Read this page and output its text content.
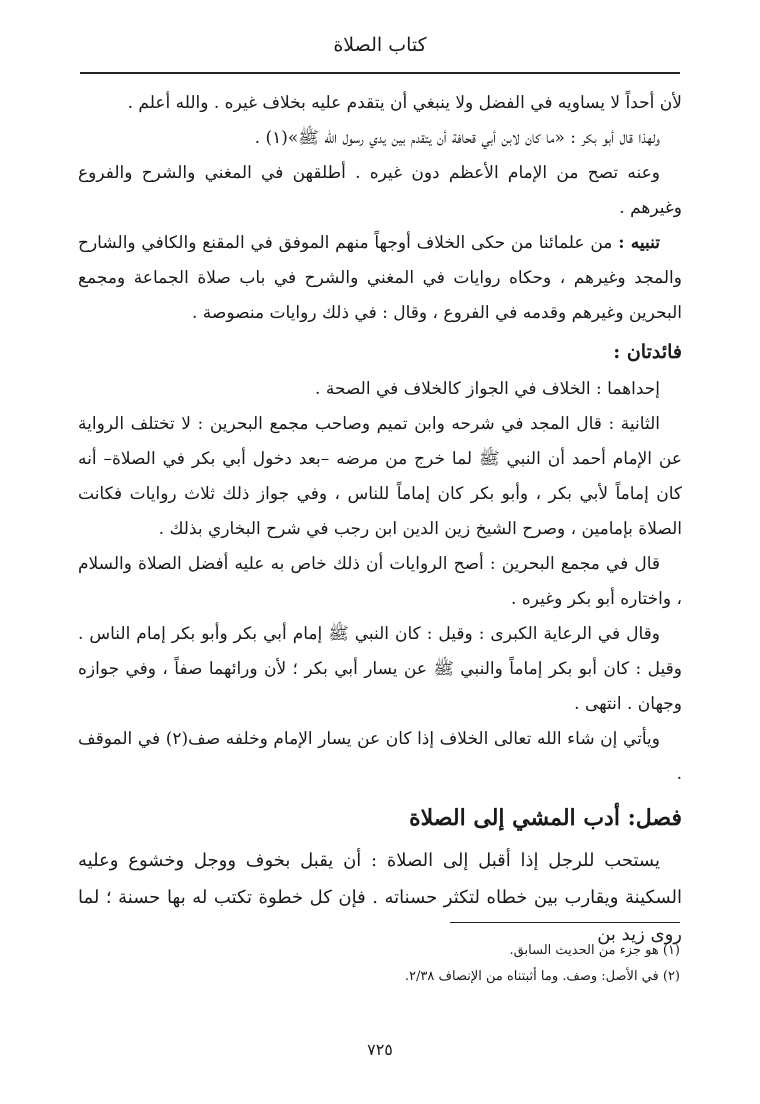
كتاب الصلاة

لأن أحداً لا يساويه في الفضل ولا ينبغي أن يتقدم عليه بخلاف غيره . والله أعلم .

ولهذا قال أبو بكر : «ما كان لابن أبي قحافة أن يتقدم بين يدي رسول الله ﷺ»(١) .

وعنه تصح من الإمام الأعظم دون غيره . أطلقهن في المغني والشرح والفروع وغيرهم .

تنبيه : من علمائنا من حكى الخلاف أوجهاً منهم الموفق في المقنع والكافي والشارح والمجد وغيرهم ، وحكاه روايات في المغني والشرح في باب صلاة الجماعة ومجمع البحرين وغيرهم وقدمه في الفروع ، وقال : في ذلك روايات منصوصة .

فائدتان :

إحداهما : الخلاف في الجواز كالخلاف في الصحة .

الثانية : قال المجد في شرحه وابن تميم وصاحب مجمع البحرين : لا تختلف الرواية عن الإمام أحمد أن النبي ﷺ لما خرج من مرضه –بعد دخول أبي بكر في الصلاة– أنه كان إماماً لأبي بكر ، وأبو بكر كان إماماً للناس ، وفي جواز ذلك ثلاث روايات فكانت الصلاة بإمامين ، وصرح الشيخ زين الدين ابن رجب في شرح البخاري بذلك .

قال في مجمع البحرين : أصح الروايات أن ذلك خاص به عليه أفضل الصلاة والسلام ، واختاره أبو بكر وغيره .

وقال في الرعاية الكبرى : وقيل : كان النبي ﷺ إمام أبي بكر وأبو بكر إمام الناس . وقيل : كان أبو بكر إماماً والنبي ﷺ عن يسار أبي بكر ؛ لأن ورائهما صفاً ، وفي جوازه وجهان . انتهى .

ويأتي إن شاء الله تعالى الخلاف إذا كان عن يسار الإمام وخلفه صف(٢) في الموقف .

فصل: أدب المشي إلى الصلاة

يستحب للرجل إذا أقبل إلى الصلاة : أن يقبل بخوف ووجل وخشوع وعليه السكينة ويقارب بين خطاه لتكثر حسناته . فإن كل خطوة تكتب له بها حسنة ؛ لما روى زيد بن

(١) هو جزء من الحديث السابق.

(٢) في الأصل: وصف. وما أثبتناه من الإنصاف ٢/٣٨.

٧٢٥
